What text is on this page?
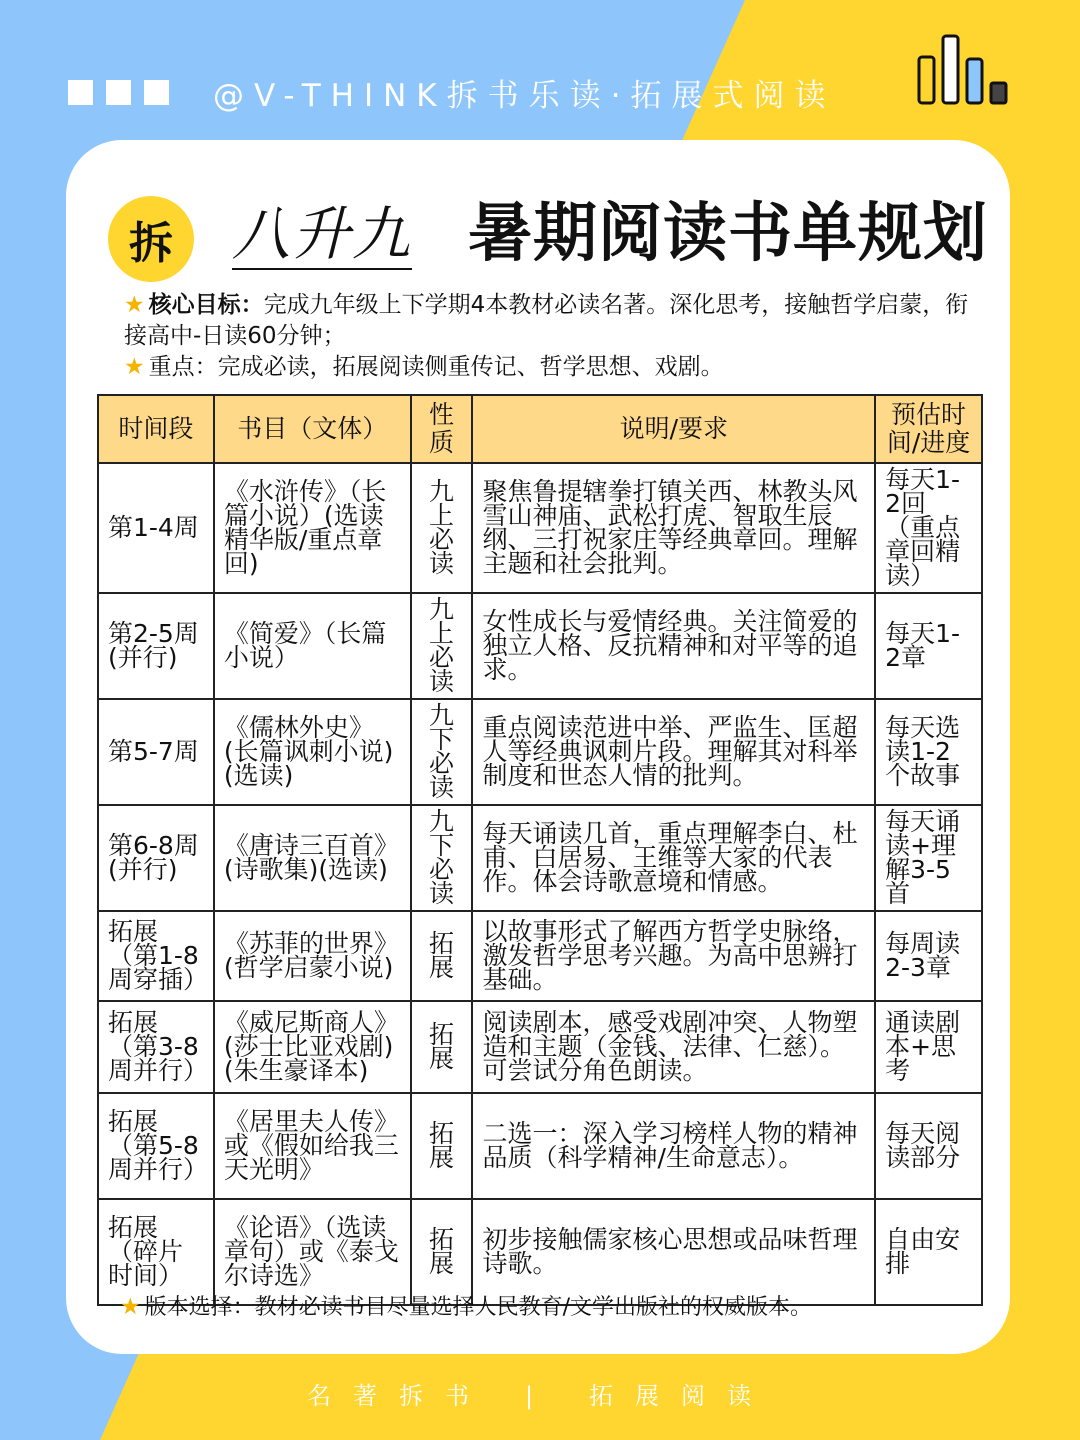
@V-THINK拆书乐读·拓展式阅读
拆	八升九 暑期阅读书单规划

★ 核心目标：完成九年级上下学期4本教材必读名著。深化思考，接触哲学启蒙，衔接高中-日读60分钟；

★ 重点：完成必读，拓展阅读侧重传记、哲学思想、戏剧。

时间段	书目（文体）	性质	说明/要求	预估时间/进度
第1-4周	《水浒传》（长篇小说）(选读精华版/重点章回)	九上必读	聚焦鲁提辖拳打镇关西、林教头风雪山神庙、武松打虎、智取生辰纲、三打祝家庄等经典章回。理解主题和社会批判。	每天1-2回（重点章回精读）
第2-5周(并行)	《简爱》（长篇小说）	九上必读	女性成长与爱情经典。关注简爱的独立人格、反抗精神和对平等的追求。	每天1-2章
第5-7周	《儒林外史》(长篇讽刺小说)(选读)	九下必读	重点阅读范进中举、严监生、匡超人等经典讽刺片段。理解其对科举制度和世态人情的批判。	每天选读1-2个故事
第6-8周(并行)	《唐诗三百首》(诗歌集)(选读)	九下必读	每天诵读几首，重点理解李白、杜甫、白居易、王维等大家的代表作。体会诗歌意境和情感。	每天诵读+理解3-5首
拓展（第1-8周穿插）	《苏菲的世界》(哲学启蒙小说)	拓展	以故事形式了解西方哲学史脉络，激发哲学思考兴趣。为高中思辨打基础。	每周读2-3章
拓展（第3-8周并行）	《威尼斯商人》(莎士比亚戏剧)(朱生豪译本)	拓展	阅读剧本，感受戏剧冲突、人物塑造和主题（金钱、法律、仁慈）。可尝试分角色朗读。	通读剧本+思考
拓展（第5-8周并行）	《居里夫人传》或《假如给我三天光明》	拓展	二选一：深入学习榜样人物的精神品质（科学精神/生命意志）。	每天阅读部分
拓展（碎片时间）	《论语》（选读章句）或《泰戈尔诗选》	拓展	初步接触儒家核心思想或品味哲理诗歌。	自由安排
★ 版本选择：教材必读书目尽量选择人民教育/文学出版社的权威版本。
名著拆书 | 拓展阅读
